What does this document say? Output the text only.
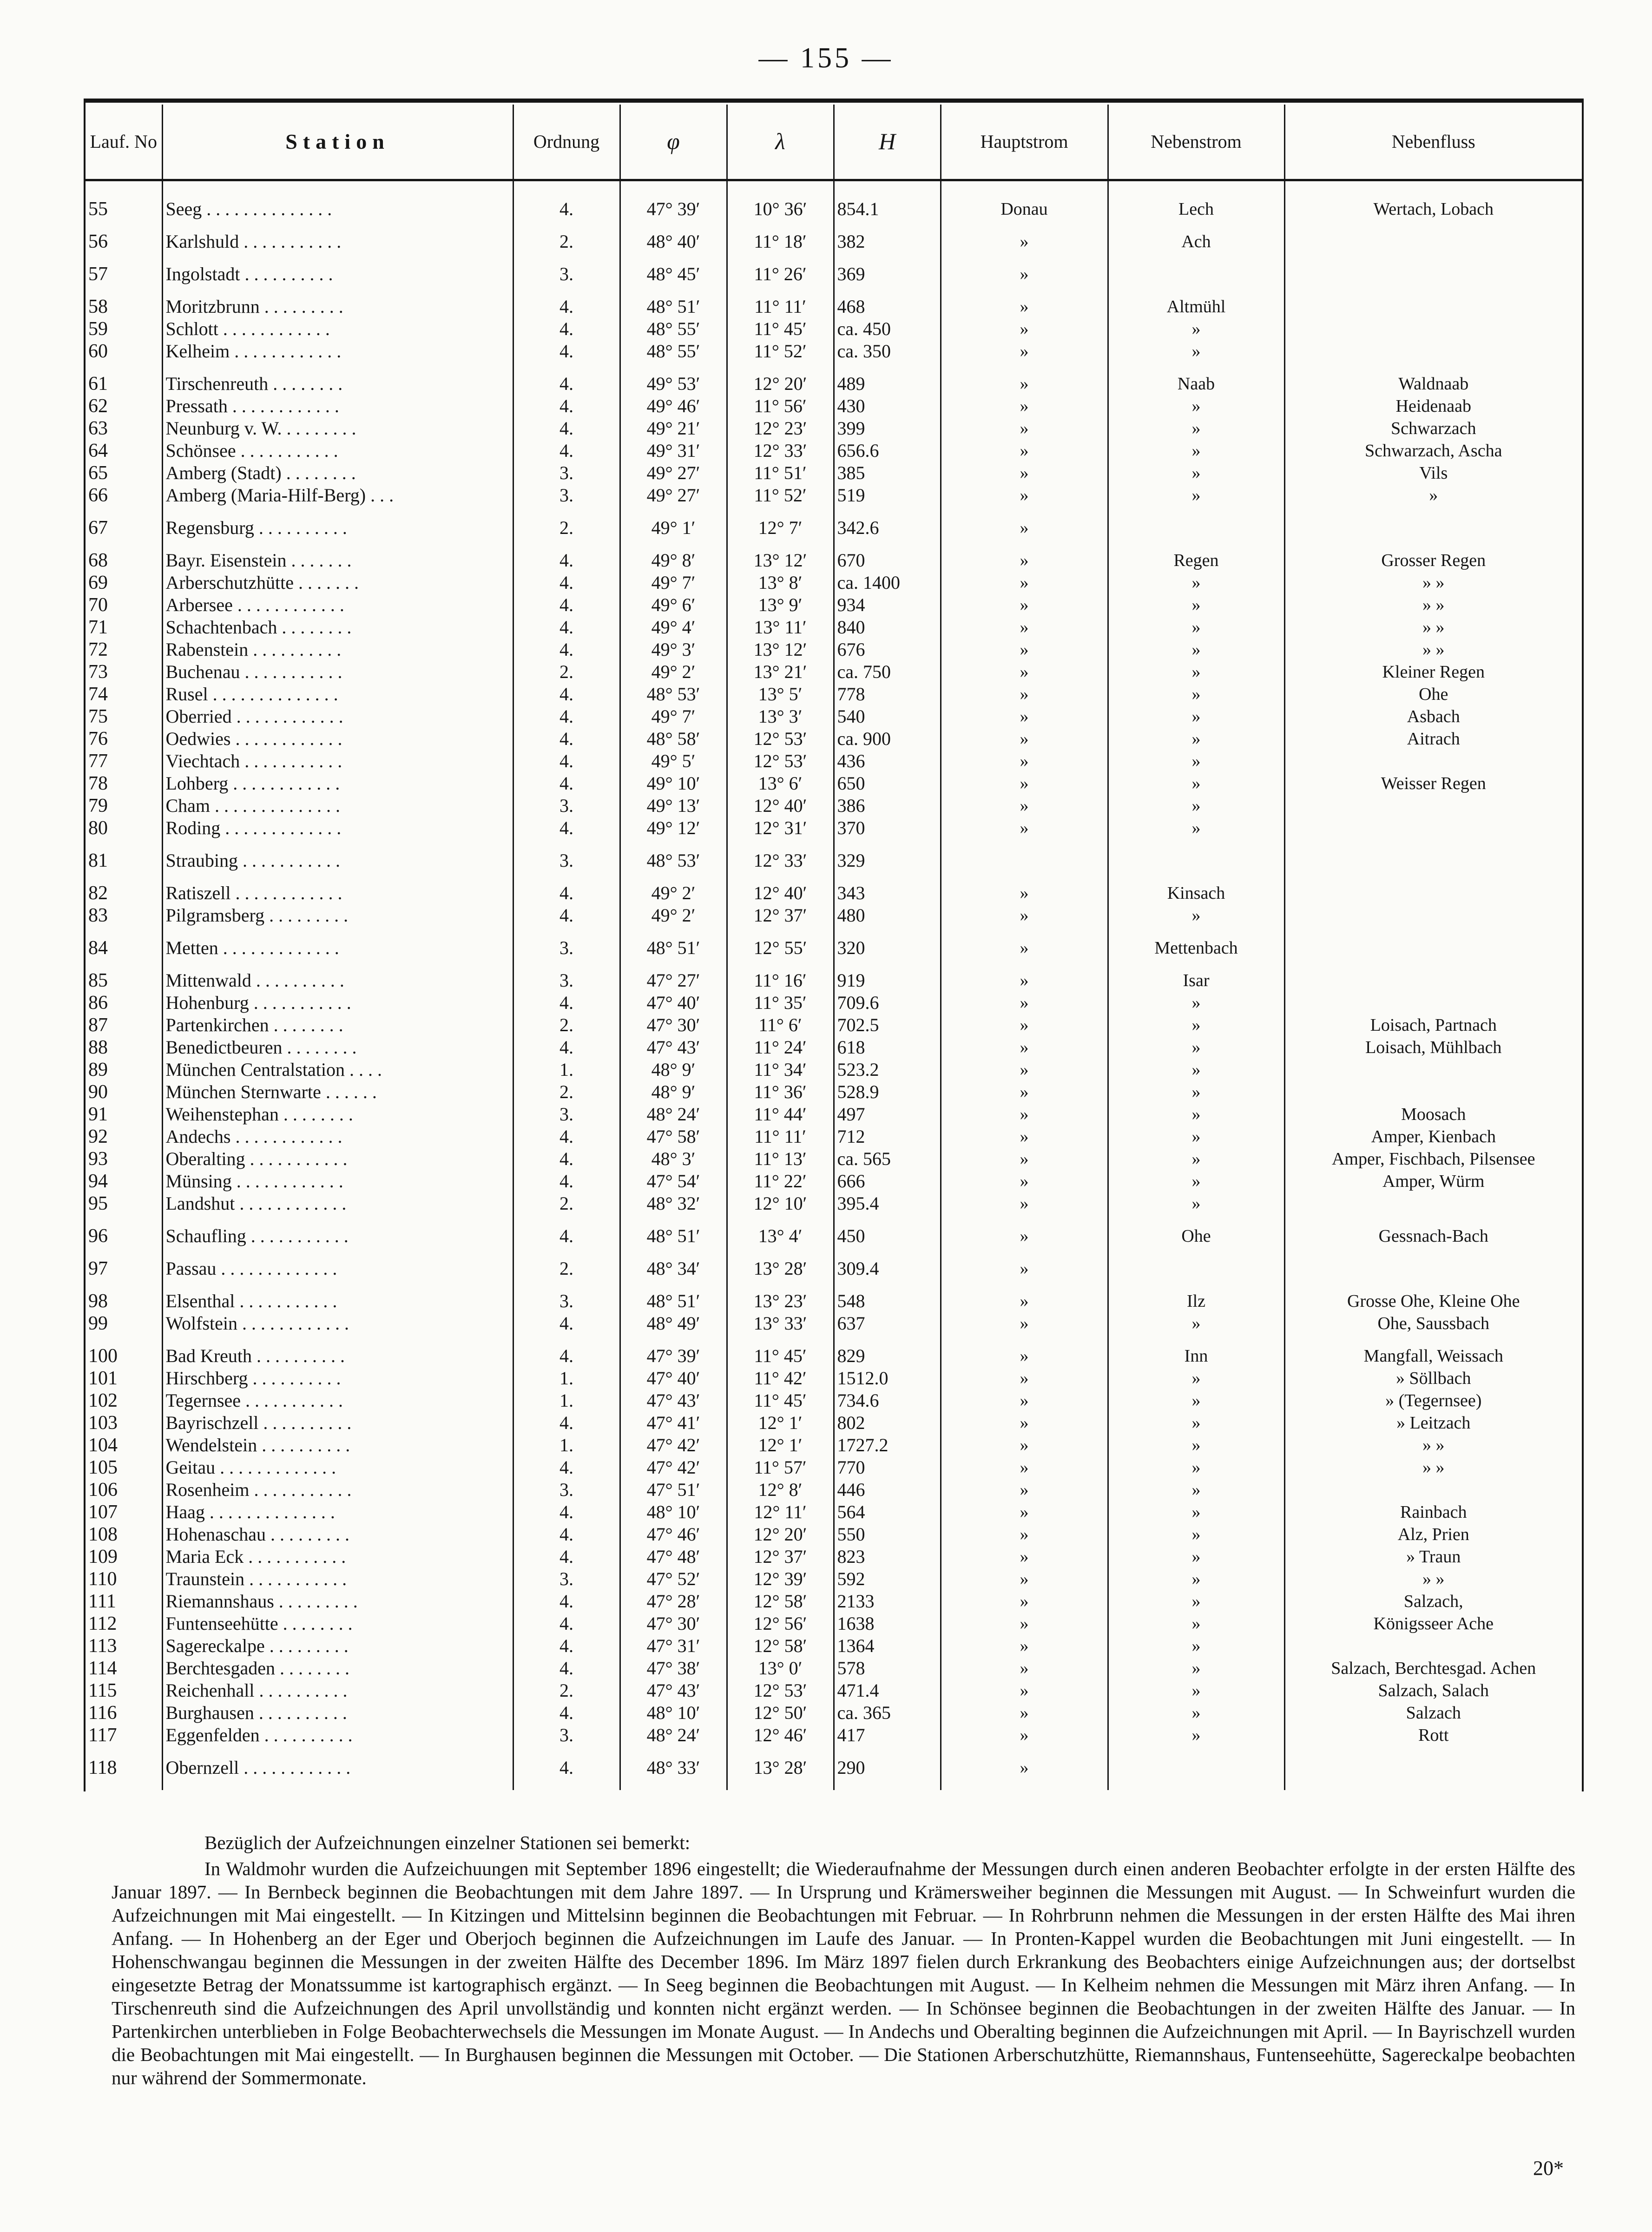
— 155 —
Lauf. No	Station	Ordnung	φ	λ	H	Hauptstrom	Nebenstrom	Nebenfluss
55	Seeg . . . . . . . . . . . . . .	4.	47° 39′	10° 36′	854.1	Donau	Lech	Wertach, Lobach
56	Karlshuld . . . . . . . . . . .	2.	48° 40′	11° 18′	382	»	Ach	
57	Ingolstadt . . . . . . . . . .	3.	48° 45′	11° 26′	369	»		
58	Moritzbrunn . . . . . . . . .	4.	48° 51′	11° 11′	468	»	Altmühl	
59	Schlott . . . . . . . . . . . .	4.	48° 55′	11° 45′	ca. 450	»	»	
60	Kelheim . . . . . . . . . . . .	4.	48° 55′	11° 52′	ca. 350	»	»	
61	Tirschenreuth . . . . . . . .	4.	49° 53′	12° 20′	489	»	Naab	Waldnaab
62	Pressath . . . . . . . . . . . .	4.	49° 46′	11° 56′	430	»	»	Heidenaab
63	Neunburg v. W. . . . . . . . .	4.	49° 21′	12° 23′	399	»	»	Schwarzach
64	Schönsee . . . . . . . . . . .	4.	49° 31′	12° 33′	656.6	»	»	Schwarzach, Ascha
65	Amberg (Stadt) . . . . . . . .	3.	49° 27′	11° 51′	385	»	»	Vils
66	Amberg (Maria-Hilf-Berg) . . .	3.	49° 27′	11° 52′	519	»	»	»
67	Regensburg . . . . . . . . . .	2.	49° 1′	12° 7′	342.6	»		
68	Bayr. Eisenstein . . . . . . .	4.	49° 8′	13° 12′	670	»	Regen	Grosser Regen
69	Arberschutzhütte . . . . . . .	4.	49° 7′	13° 8′	ca. 1400	»	»	» »
70	Arbersee . . . . . . . . . . . .	4.	49° 6′	13° 9′	934	»	»	» »
71	Schachtenbach . . . . . . . .	4.	49° 4′	13° 11′	840	»	»	» »
72	Rabenstein . . . . . . . . . .	4.	49° 3′	13° 12′	676	»	»	» »
73	Buchenau . . . . . . . . . . .	2.	49° 2′	13° 21′	ca. 750	»	»	Kleiner Regen
74	Rusel . . . . . . . . . . . . . .	4.	48° 53′	13° 5′	778	»	»	Ohe
75	Oberried . . . . . . . . . . . .	4.	49° 7′	13° 3′	540	»	»	Asbach
76	Oedwies . . . . . . . . . . . .	4.	48° 58′	12° 53′	ca. 900	»	»	Aitrach
77	Viechtach . . . . . . . . . . .	4.	49° 5′	12° 53′	436	»	»	
78	Lohberg . . . . . . . . . . . .	4.	49° 10′	13° 6′	650	»	»	Weisser Regen
79	Cham . . . . . . . . . . . . . .	3.	49° 13′	12° 40′	386	»	»	
80	Roding . . . . . . . . . . . . .	4.	49° 12′	12° 31′	370	»	»	
81	Straubing . . . . . . . . . . .	3.	48° 53′	12° 33′	329			
82	Ratiszell . . . . . . . . . . . .	4.	49° 2′	12° 40′	343	»	Kinsach	
83	Pilgramsberg . . . . . . . . .	4.	49° 2′	12° 37′	480	»	»	
84	Metten . . . . . . . . . . . . .	3.	48° 51′	12° 55′	320	»	Mettenbach	
85	Mittenwald . . . . . . . . . .	3.	47° 27′	11° 16′	919	»	Isar	
86	Hohenburg . . . . . . . . . . .	4.	47° 40′	11° 35′	709.6	»	»	
87	Partenkirchen . . . . . . . .	2.	47° 30′	11° 6′	702.5	»	»	Loisach, Partnach
88	Benedictbeuren . . . . . . . .	4.	47° 43′	11° 24′	618	»	»	Loisach, Mühlbach
89	München Centralstation . . . .	1.	48° 9′	11° 34′	523.2	»	»	
90	München Sternwarte . . . . . .	2.	48° 9′	11° 36′	528.9	»	»	
91	Weihenstephan . . . . . . . .	3.	48° 24′	11° 44′	497	»	»	Moosach
92	Andechs . . . . . . . . . . . .	4.	47° 58′	11° 11′	712	»	»	Amper, Kienbach
93	Oberalting . . . . . . . . . . .	4.	48° 3′	11° 13′	ca. 565	»	»	Amper, Fischbach, Pilsensee
94	Münsing . . . . . . . . . . . .	4.	47° 54′	11° 22′	666	»	»	Amper, Würm
95	Landshut . . . . . . . . . . . .	2.	48° 32′	12° 10′	395.4	»	»	
96	Schaufling . . . . . . . . . . .	4.	48° 51′	13° 4′	450	»	Ohe	Gessnach-Bach
97	Passau . . . . . . . . . . . . .	2.	48° 34′	13° 28′	309.4	»		
98	Elsenthal . . . . . . . . . . .	3.	48° 51′	13° 23′	548	»	Ilz	Grosse Ohe, Kleine Ohe
99	Wolfstein . . . . . . . . . . . .	4.	48° 49′	13° 33′	637	»	»	Ohe, Saussbach
100	Bad Kreuth . . . . . . . . . .	4.	47° 39′	11° 45′	829	»	Inn	Mangfall, Weissach
101	Hirschberg . . . . . . . . . .	1.	47° 40′	11° 42′	1512.0	»	»	» Söllbach
102	Tegernsee . . . . . . . . . . .	1.	47° 43′	11° 45′	734.6	»	»	» (Tegernsee)
103	Bayrischzell . . . . . . . . . .	4.	47° 41′	12° 1′	802	»	»	» Leitzach
104	Wendelstein . . . . . . . . . .	1.	47° 42′	12° 1′	1727.2	»	»	» »
105	Geitau . . . . . . . . . . . . .	4.	47° 42′	11° 57′	770	»	»	» »
106	Rosenheim . . . . . . . . . . .	3.	47° 51′	12° 8′	446	»	»	
107	Haag . . . . . . . . . . . . . .	4.	48° 10′	12° 11′	564	»	»	Rainbach
108	Hohenaschau . . . . . . . . .	4.	47° 46′	12° 20′	550	»	»	Alz, Prien
109	Maria Eck . . . . . . . . . . .	4.	47° 48′	12° 37′	823	»	»	» Traun
110	Traunstein . . . . . . . . . . .	3.	47° 52′	12° 39′	592	»	»	» »
111	Riemannshaus . . . . . . . . .	4.	47° 28′	12° 58′	2133	»	»	Salzach,
112	Funtenseehütte . . . . . . . .	4.	47° 30′	12° 56′	1638	»	»	Königsseer Ache
113	Sagereckalpe . . . . . . . . .	4.	47° 31′	12° 58′	1364	»	»	
114	Berchtesgaden . . . . . . . .	4.	47° 38′	13° 0′	578	»	»	Salzach, Berchtesgad. Achen
115	Reichenhall . . . . . . . . . .	2.	47° 43′	12° 53′	471.4	»	»	Salzach, Salach
116	Burghausen . . . . . . . . . .	4.	48° 10′	12° 50′	ca. 365	»	»	Salzach
117	Eggenfelden . . . . . . . . . .	3.	48° 24′	12° 46′	417	»	»	Rott
118	Obernzell . . . . . . . . . . . .	4.	48° 33′	13° 28′	290	»		

Bezüglich der Aufzeichnungen einzelner Stationen sei bemerkt:

In Waldmohr wurden die Aufzeichuungen mit September 1896 eingestellt; die Wiederaufnahme der Messungen durch einen anderen Beobachter erfolgte in der ersten Hälfte des Januar 1897. — In Bernbeck beginnen die Beobachtungen mit dem Jahre 1897. — In Ursprung und Krämersweiher beginnen die Messungen mit August. — In Schweinfurt wurden die Aufzeichnungen mit Mai eingestellt. — In Kitzingen und Mittelsinn beginnen die Beobachtungen mit Februar. — In Rohrbrunn nehmen die Messungen in der ersten Hälfte des Mai ihren Anfang. — In Hohenberg an der Eger und Oberjoch beginnen die Aufzeichnungen im Laufe des Januar. — In Pronten-Kappel wurden die Beobachtungen mit Juni eingestellt. — In Hohenschwangau beginnen die Messungen in der zweiten Hälfte des December 1896. Im März 1897 fielen durch Erkrankung des Beobachters einige Aufzeichnungen aus; der dortselbst eingesetzte Betrag der Monatssumme ist kartographisch ergänzt. — In Seeg beginnen die Beobachtungen mit August. — In Kelheim nehmen die Messungen mit März ihren Anfang. — In Tirschenreuth sind die Aufzeichnungen des April unvollständig und konnten nicht ergänzt werden. — In Schönsee beginnen die Beobachtungen in der zweiten Hälfte des Januar. — In Partenkirchen unterblieben in Folge Beobachterwechsels die Messungen im Monate August. — In Andechs und Oberalting beginnen die Aufzeichnungen mit April. — In Bayrischzell wurden die Beobachtungen mit Mai eingestellt. — In Burghausen beginnen die Messungen mit October. — Die Stationen Arberschutzhütte, Riemannshaus, Funtenseehütte, Sagereckalpe beobachten nur während der Sommermonate.

20*
